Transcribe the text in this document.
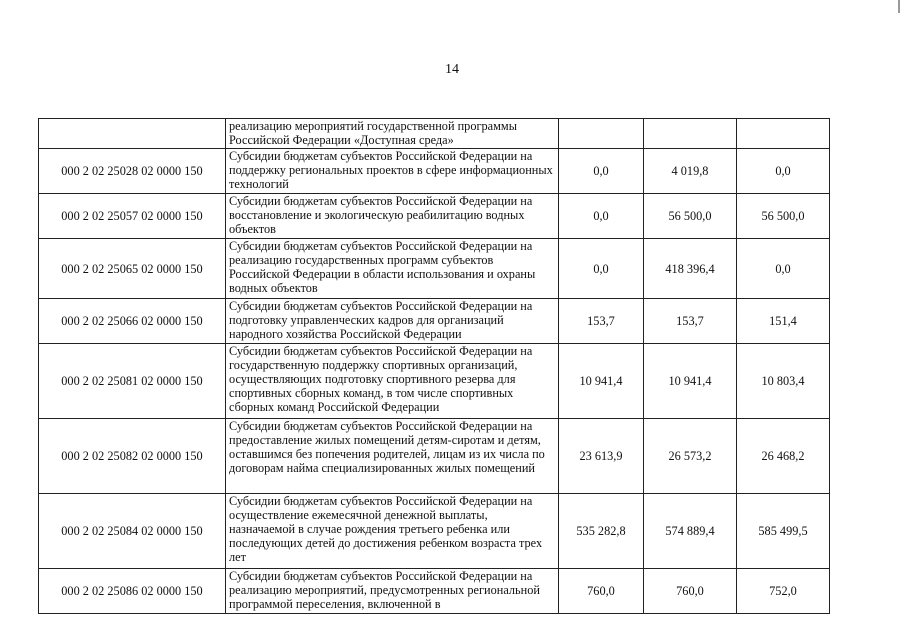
14
	реализацию мероприятий государственной программы Российской Федерации «Доступная среда»			
000 2 02 25028 02 0000 150	Субсидии бюджетам субъектов Российской Федерации на поддержку региональных проектов в сфере информационных технологий	0,0	4 019,8	0,0
000 2 02 25057 02 0000 150	Субсидии бюджетам субъектов Российской Федерации на восстановление и экологическую реабилитацию водных объектов	0,0	56 500,0	56 500,0
000 2 02 25065 02 0000 150	Субсидии бюджетам субъектов Российской Федерации на реализацию государственных программ субъектов Российской Федерации в области использования и охраны водных объектов	0,0	418 396,4	0,0
000 2 02 25066 02 0000 150	Субсидии бюджетам субъектов Российской Федерации на подготовку управленческих кадров для организаций народного хозяйства Российской Федерации	153,7	153,7	151,4
000 2 02 25081 02 0000 150	Субсидии бюджетам субъектов Российской Федерации на государственную поддержку спортивных организаций, осуществляющих подготовку спортивного резерва для спортивных сборных команд, в том числе спортивных сборных команд Российской Федерации	10 941,4	10 941,4	10 803,4
000 2 02 25082 02 0000 150	Субсидии бюджетам субъектов Российской Федерации на предоставление жилых помещений детям-сиротам и детям, оставшимся без попечения родителей, лицам из их числа по договорам найма специализированных жилых помещений	23 613,9	26 573,2	26 468,2
000 2 02 25084 02 0000 150	Субсидии бюджетам субъектов Российской Федерации на осуществление ежемесячной денежной выплаты, назначаемой в случае рождения третьего ребенка или последующих детей до достижения ребенком возраста трех лет	535 282,8	574 889,4	585 499,5
000 2 02 25086 02 0000 150	Субсидии бюджетам субъектов Российской Федерации на реализацию мероприятий, предусмотренных региональной программой переселения, включенной в	760,0	760,0	752,0
